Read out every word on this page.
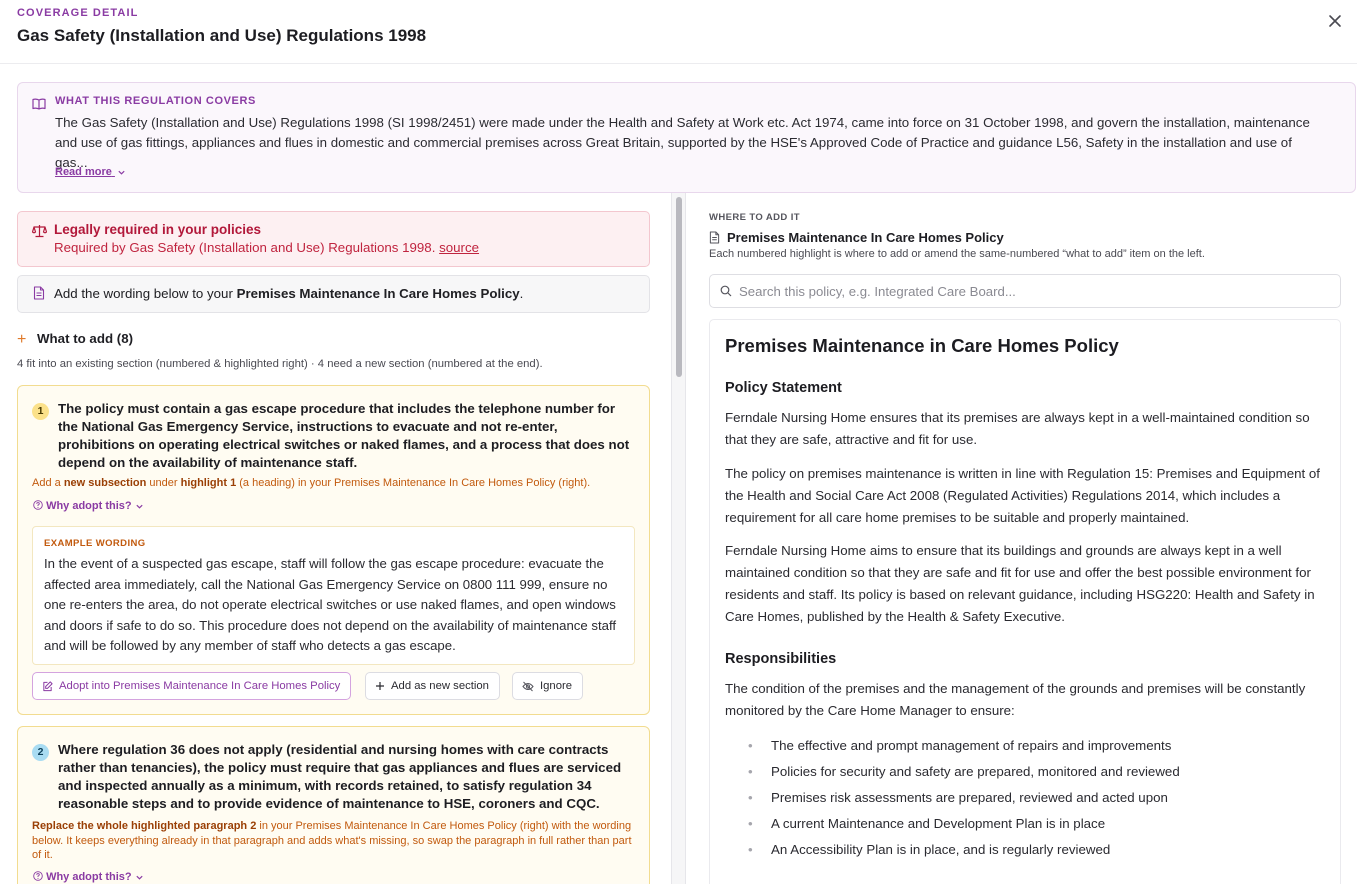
COVERAGE DETAIL
Gas Safety (Installation and Use) Regulations 1998
WHAT THIS REGULATION COVERS
The Gas Safety (Installation and Use) Regulations 1998 (SI 1998/2451) were made under the Health and Safety at Work etc. Act 1974, came into force on 31 October 1998, and govern the installation, maintenance and use of gas fittings, appliances and flues in domestic and commercial premises across Great Britain, supported by the HSE's Approved Code of Practice and guidance L56, Safety in the installation and use of gas...
Read more
Legally required in your policies
Required by Gas Safety (Installation and Use) Regulations 1998. source
Add the wording below to your Premises Maintenance In Care Homes Policy.
+ What to add (8)
4 fit into an existing section (numbered & highlighted right) · 4 need a new section (numbered at the end).
1	The policy must contain a gas escape procedure that includes the telephone number for the National Gas Emergency Service, instructions to evacuate and not re-enter, prohibitions on operating electrical switches or naked flames, and a process that does not depend on the availability of maintenance staff.
Add a new subsection under highlight 1 (a heading) in your Premises Maintenance In Care Homes Policy (right).
Why adopt this?
EXAMPLE WORDING
In the event of a suspected gas escape, staff will follow the gas escape procedure: evacuate the affected area immediately, call the National Gas Emergency Service on 0800 111 999, ensure no one re-enters the area, do not operate electrical switches or use naked flames, and open windows and doors if safe to do so. This procedure does not depend on the availability of maintenance staff and will be followed by any member of staff who detects a gas escape.
Adopt into Premises Maintenance In Care Homes Policy	Add as new section	Ignore
2	Where regulation 36 does not apply (residential and nursing homes with care contracts rather than tenancies), the policy must require that gas appliances and flues are serviced and inspected annually as a minimum, with records retained, to satisfy regulation 34 reasonable steps and to provide evidence of maintenance to HSE, coroners and CQC.
Replace the whole highlighted paragraph 2 in your Premises Maintenance In Care Homes Policy (right) with the wording below. It keeps everything already in that paragraph and adds what's missing, so swap the paragraph in full rather than part of it.
Why adopt this?
WHERE TO ADD IT
Premises Maintenance In Care Homes Policy
Each numbered highlight is where to add or amend the same-numbered “what to add” item on the left.
Search this policy, e.g. Integrated Care Board...
Premises Maintenance in Care Homes Policy
Policy Statement
Ferndale Nursing Home ensures that its premises are always kept in a well-maintained condition so that they are safe, attractive and fit for use.
The policy on premises maintenance is written in line with Regulation 15: Premises and Equipment of the Health and Social Care Act 2008 (Regulated Activities) Regulations 2014, which includes a requirement for all care home premises to be suitable and properly maintained.
Ferndale Nursing Home aims to ensure that its buildings and grounds are always kept in a well maintained condition so that they are safe and fit for use and offer the best possible environment for residents and staff. Its policy is based on relevant guidance, including HSG220: Health and Safety in Care Homes, published by the Health & Safety Executive.
Responsibilities
The condition of the premises and the management of the grounds and premises will be constantly monitored by the Care Home Manager to ensure:
• The effective and prompt management of repairs and improvements
• Policies for security and safety are prepared, monitored and reviewed
• Premises risk assessments are prepared, reviewed and acted upon
• A current Maintenance and Development Plan is in place
• An Accessibility Plan is in place, and is regularly reviewed
